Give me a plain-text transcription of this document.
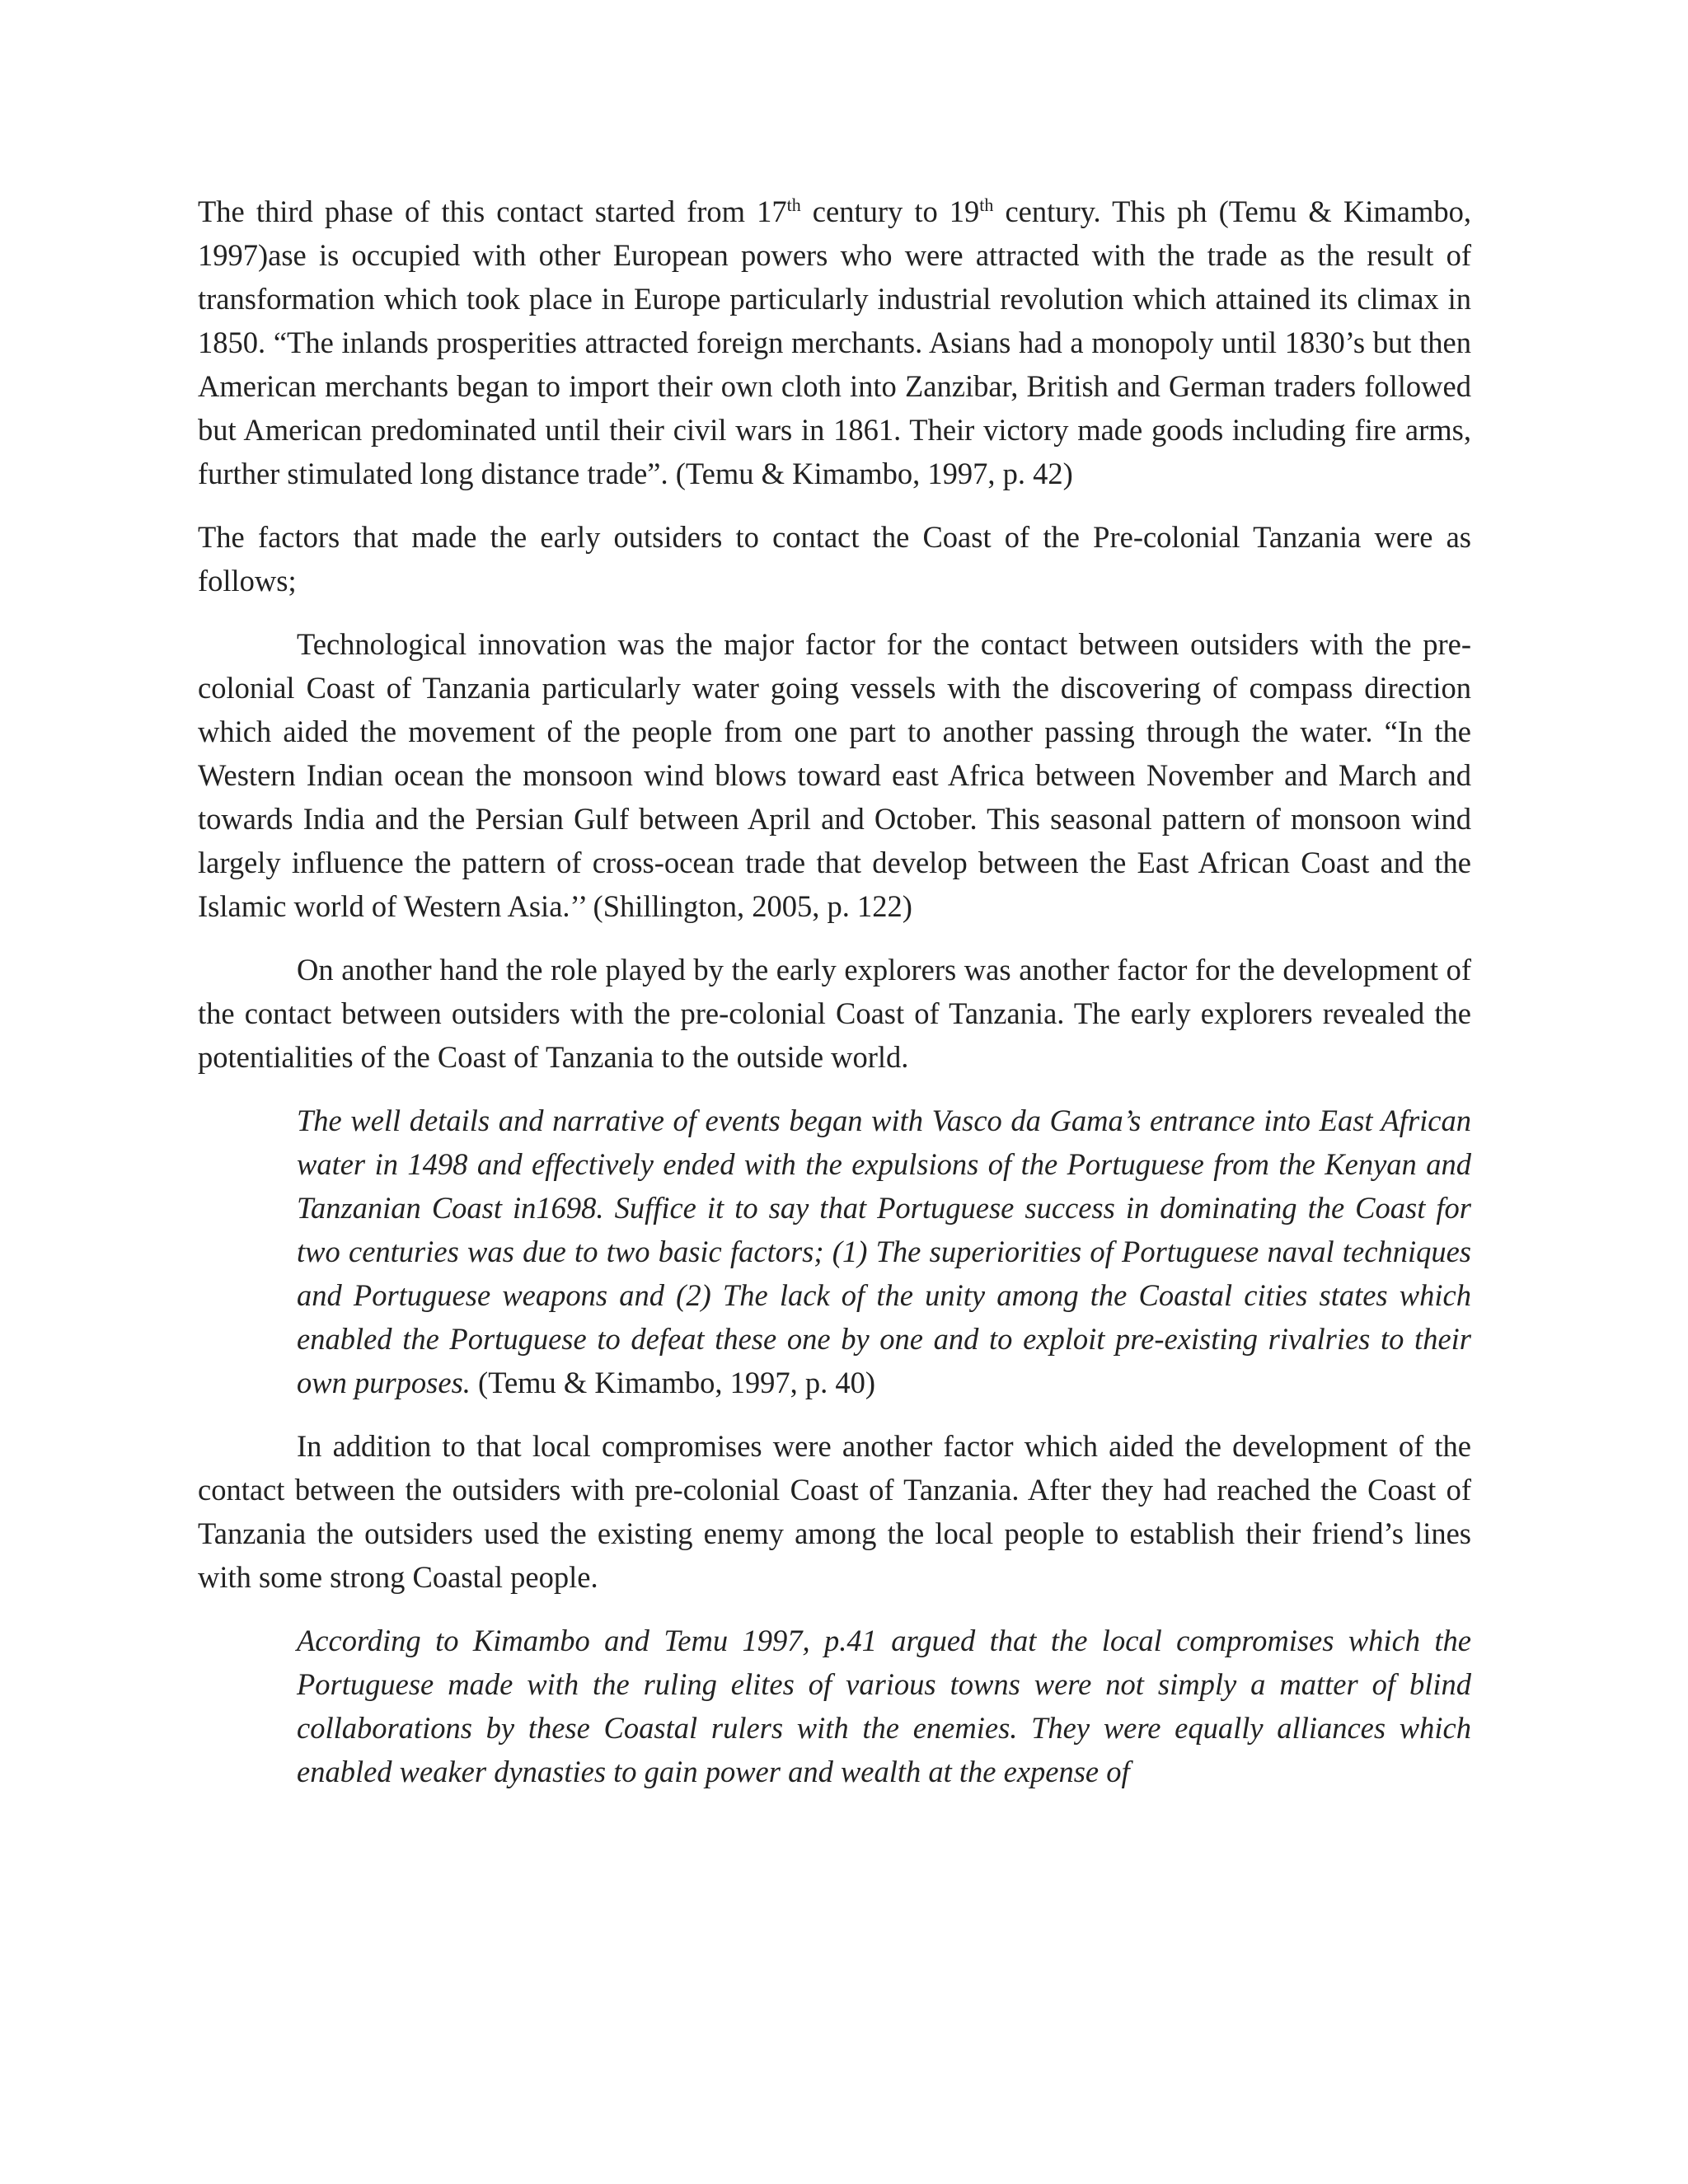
The third phase of this contact started from 17th century to 19th century. This ph (Temu & Kimambo, 1997)ase is occupied with other European powers who were attracted with the trade as the result of transformation which took place in Europe particularly industrial revolution which attained its climax in 1850. “The inlands prosperities attracted foreign merchants. Asians had a monopoly until 1830’s but then American merchants began to import their own cloth into Zanzibar, British and German traders followed but American predominated until their civil wars in 1861. Their victory made goods including fire arms, further stimulated long distance trade”. (Temu & Kimambo, 1997, p. 42)

The factors that made the early outsiders to contact the Coast of the Pre-colonial Tanzania were as follows;

Technological innovation was the major factor for the contact between outsiders with the pre-colonial Coast of Tanzania particularly water going vessels with the discovering of compass direction which aided the movement of the people from one part to another passing through the water. “In the Western Indian ocean the monsoon wind blows toward east Africa between November and March and towards India and the Persian Gulf between April and October. This seasonal pattern of monsoon wind largely influence the pattern of cross-ocean trade that develop between the East African Coast and the Islamic world of Western Asia.’’ (Shillington, 2005, p. 122)

On another hand the role played by the early explorers was another factor for the development of the contact between outsiders with the pre-colonial Coast of Tanzania. The early explorers revealed the potentialities of the Coast of Tanzania to the outside world.

The well details and narrative of events began with Vasco da Gama’s entrance into East African water in 1498 and effectively ended with the expulsions of the Portuguese from the Kenyan and Tanzanian Coast in1698. Suffice it to say that Portuguese success in dominating the Coast for two centuries was due to two basic factors; (1) The superiorities of Portuguese naval techniques and Portuguese weapons and (2) The lack of the unity among the Coastal cities states which enabled the Portuguese to defeat these one by one and to exploit pre-existing rivalries to their own purposes. (Temu & Kimambo, 1997, p. 40)

In addition to that local compromises were another factor which aided the development of the contact between the outsiders with pre-colonial Coast of Tanzania. After they had reached the Coast of Tanzania the outsiders used the existing enemy among the local people to establish their friend’s lines with some strong Coastal people.

According to Kimambo and Temu 1997, p.41 argued that the local compromises which the Portuguese made with the ruling elites of various towns were not simply a matter of blind collaborations by these Coastal rulers with the enemies. They were equally alliances which enabled weaker dynasties to gain power and wealth at the expense of
